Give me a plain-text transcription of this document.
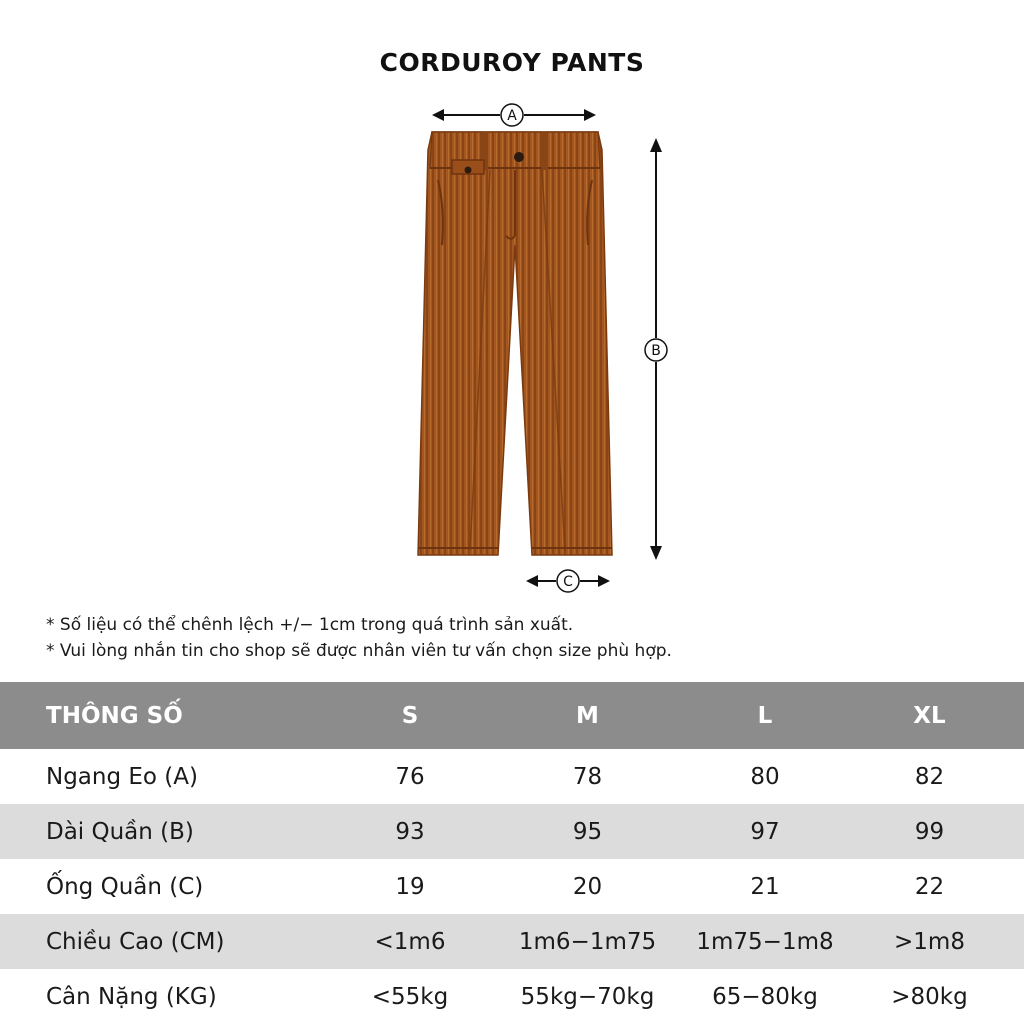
CORDUROY PANTS
A
B
C
* Số liệu có thể chênh lệch +/− 1cm trong quá trình sản xuất.
* Vui lòng nhắn tin cho shop sẽ được nhân viên tư vấn chọn size phù hợp.
THÔNG SỐ	S	M	L	XL
Ngang Eo (A)	76	78	80	82
Dài Quần (B)	93	95	97	99
Ống Quần (C)	19	20	21	22
Chiều Cao (CM)	<1m6	1m6−1m75	1m75−1m8	>1m8
Cân Nặng (KG)	<55kg	55kg−70kg	65−80kg	>80kg
